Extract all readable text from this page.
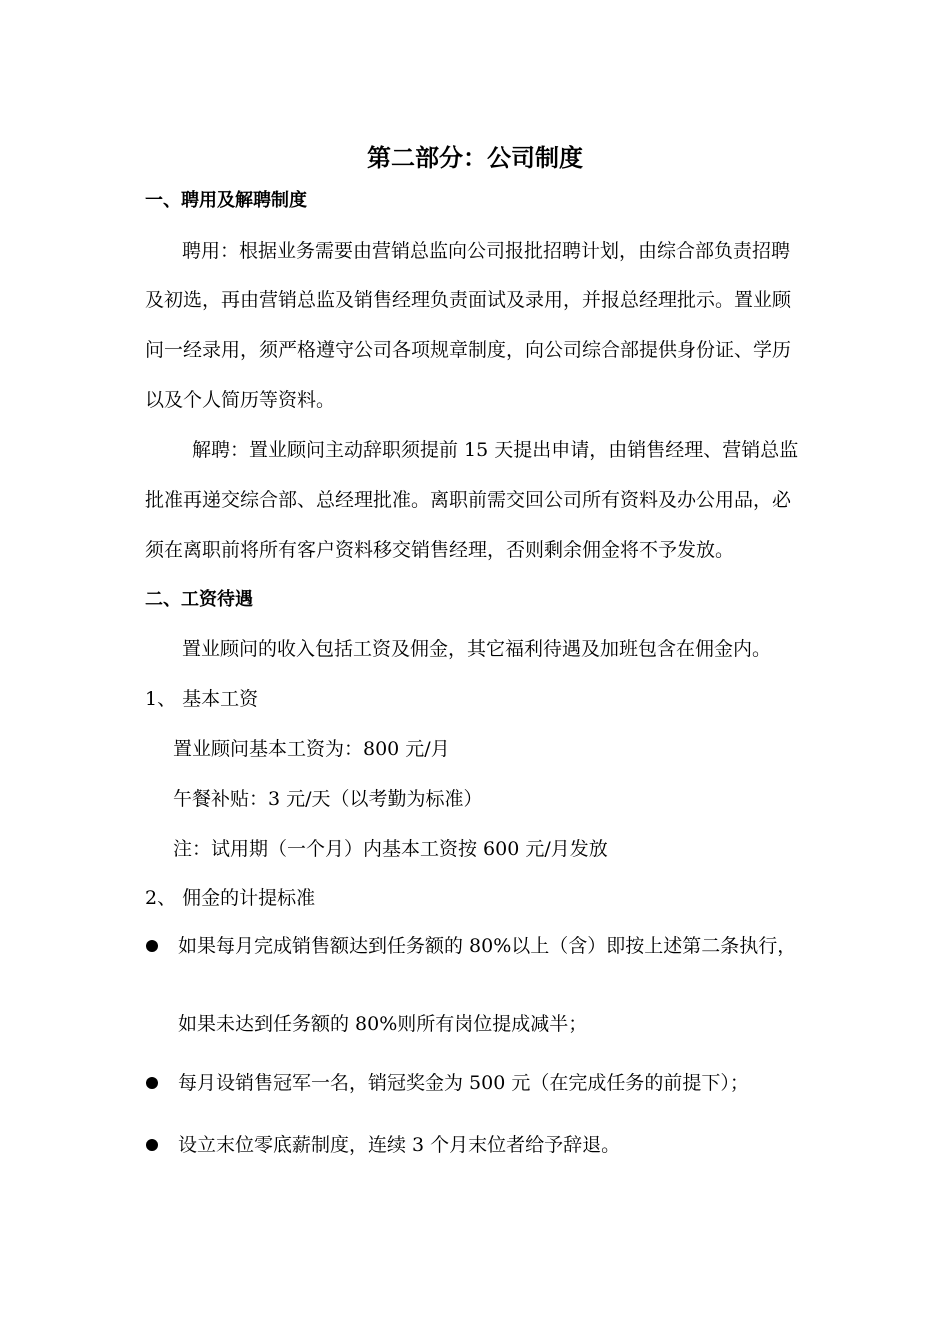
第二部分：公司制度
一、聘用及解聘制度
聘用：根据业务需要由营销总监向公司报批招聘计划，由综合部负责招聘
及初选，再由营销总监及销售经理负责面试及录用，并报总经理批示。置业顾
问一经录用，须严格遵守公司各项规章制度，向公司综合部提供身份证、学历
以及个人简历等资料。
解聘：置业顾问主动辞职须提前 15 天提出申请，由销售经理、营销总监
批准再递交综合部、总经理批准。离职前需交回公司所有资料及办公用品，必
须在离职前将所有客户资料移交销售经理，否则剩余佣金将不予发放。
二、工资待遇
置业顾问的收入包括工资及佣金，其它福利待遇及加班包含在佣金内。
1、 基本工资
置业顾问基本工资为：800 元/月
午餐补贴：3 元/天（以考勤为标准）
注：试用期（一个月）内基本工资按 600 元/月发放
2、 佣金的计提标准
如果每月完成销售额达到任务额的 80%以上（含）即按上述第二条执行，
如果未达到任务额的 80%则所有岗位提成减半；
每月设销售冠军一名，销冠奖金为 500 元（在完成任务的前提下）；
设立末位零底薪制度，连续 3 个月末位者给予辞退。
